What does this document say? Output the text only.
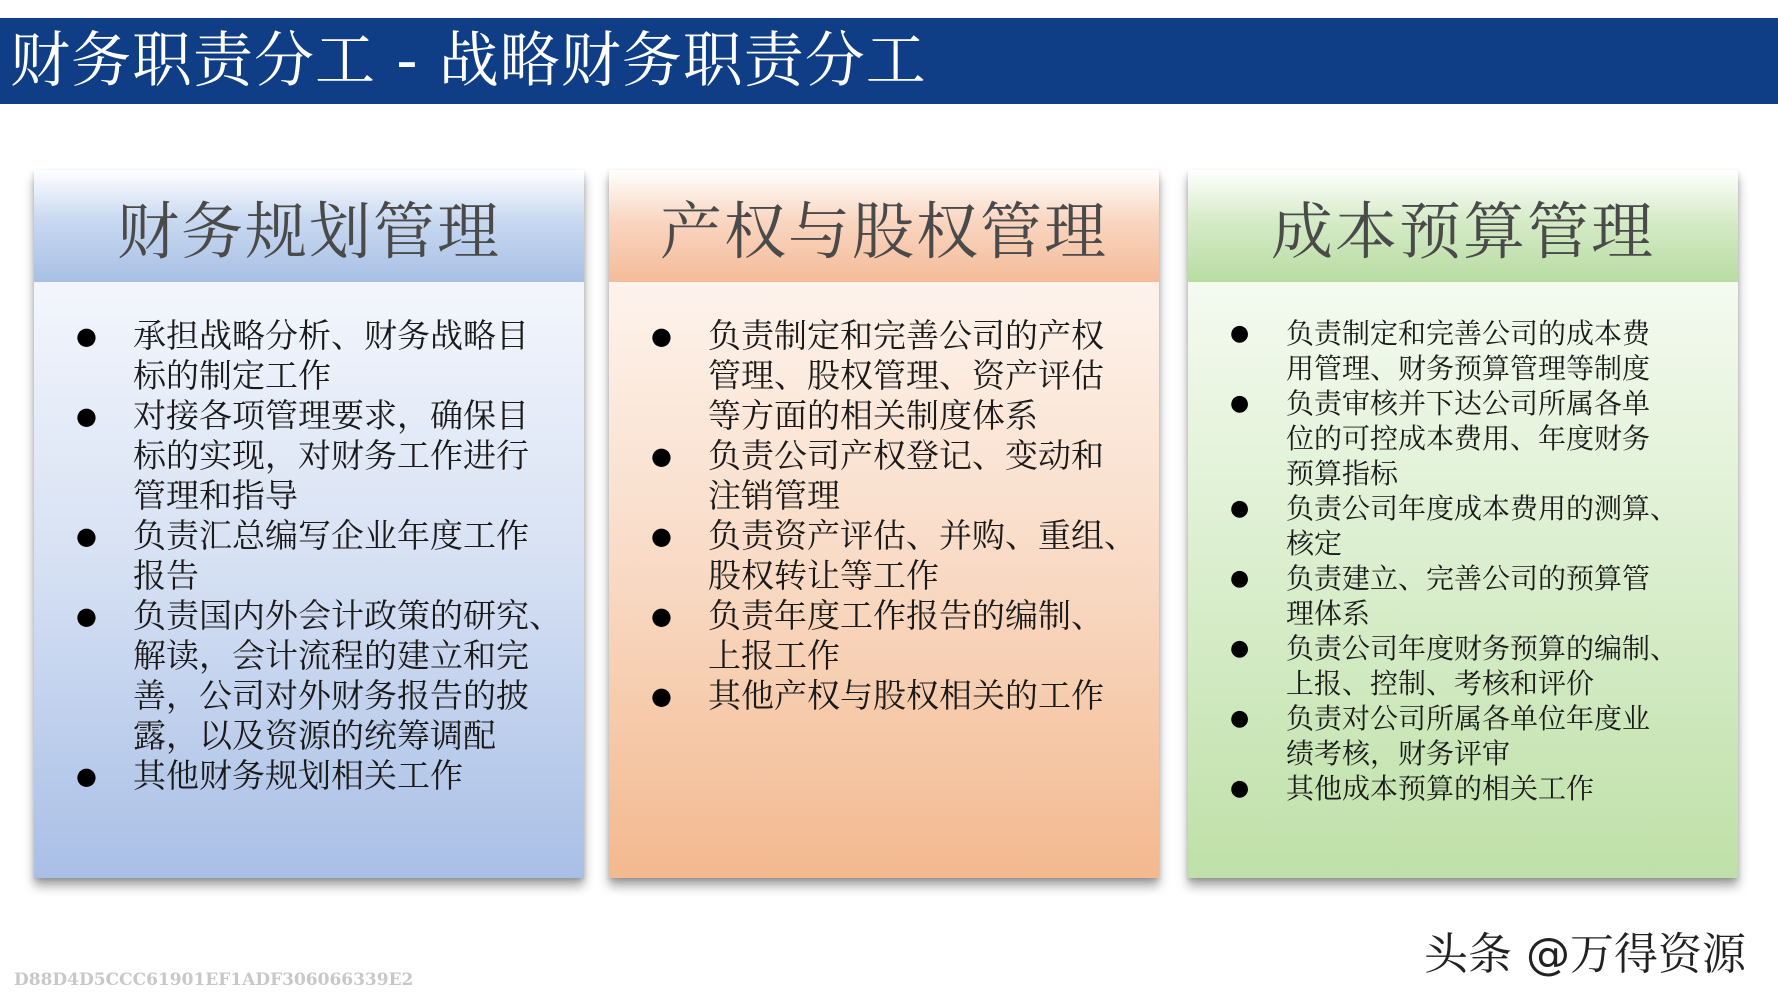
财务职责分工 - 战略财务职责分工
财务规划管理
● 承担战略分析、财务战略目
标的制定工作
● 对接各项管理要求，确保目
标的实现，对财务工作进行
管理和指导
● 负责汇总编写企业年度工作
报告
● 负责国内外会计政策的研究、
解读，会计流程的建立和完
善，公司对外财务报告的披
露，以及资源的统筹调配
● 其他财务规划相关工作
产权与股权管理
● 负责制定和完善公司的产权
管理、股权管理、资产评估
等方面的相关制度体系
● 负责公司产权登记、变动和
注销管理
● 负责资产评估、并购、重组、
股权转让等工作
● 负责年度工作报告的编制、
上报工作
● 其他产权与股权相关的工作
成本预算管理
● 负责制定和完善公司的成本费
用管理、财务预算管理等制度
● 负责审核并下达公司所属各单
位的可控成本费用、年度财务
预算指标
● 负责公司年度成本费用的测算、
核定
● 负责建立、完善公司的预算管
理体系
● 负责公司年度财务预算的编制、
上报、控制、考核和评价
● 负责对公司所属各单位年度业
绩考核，财务评审
● 其他成本预算的相关工作
头条 @万得资源
D88D4D5CCC61901EF1ADF306066339E2
